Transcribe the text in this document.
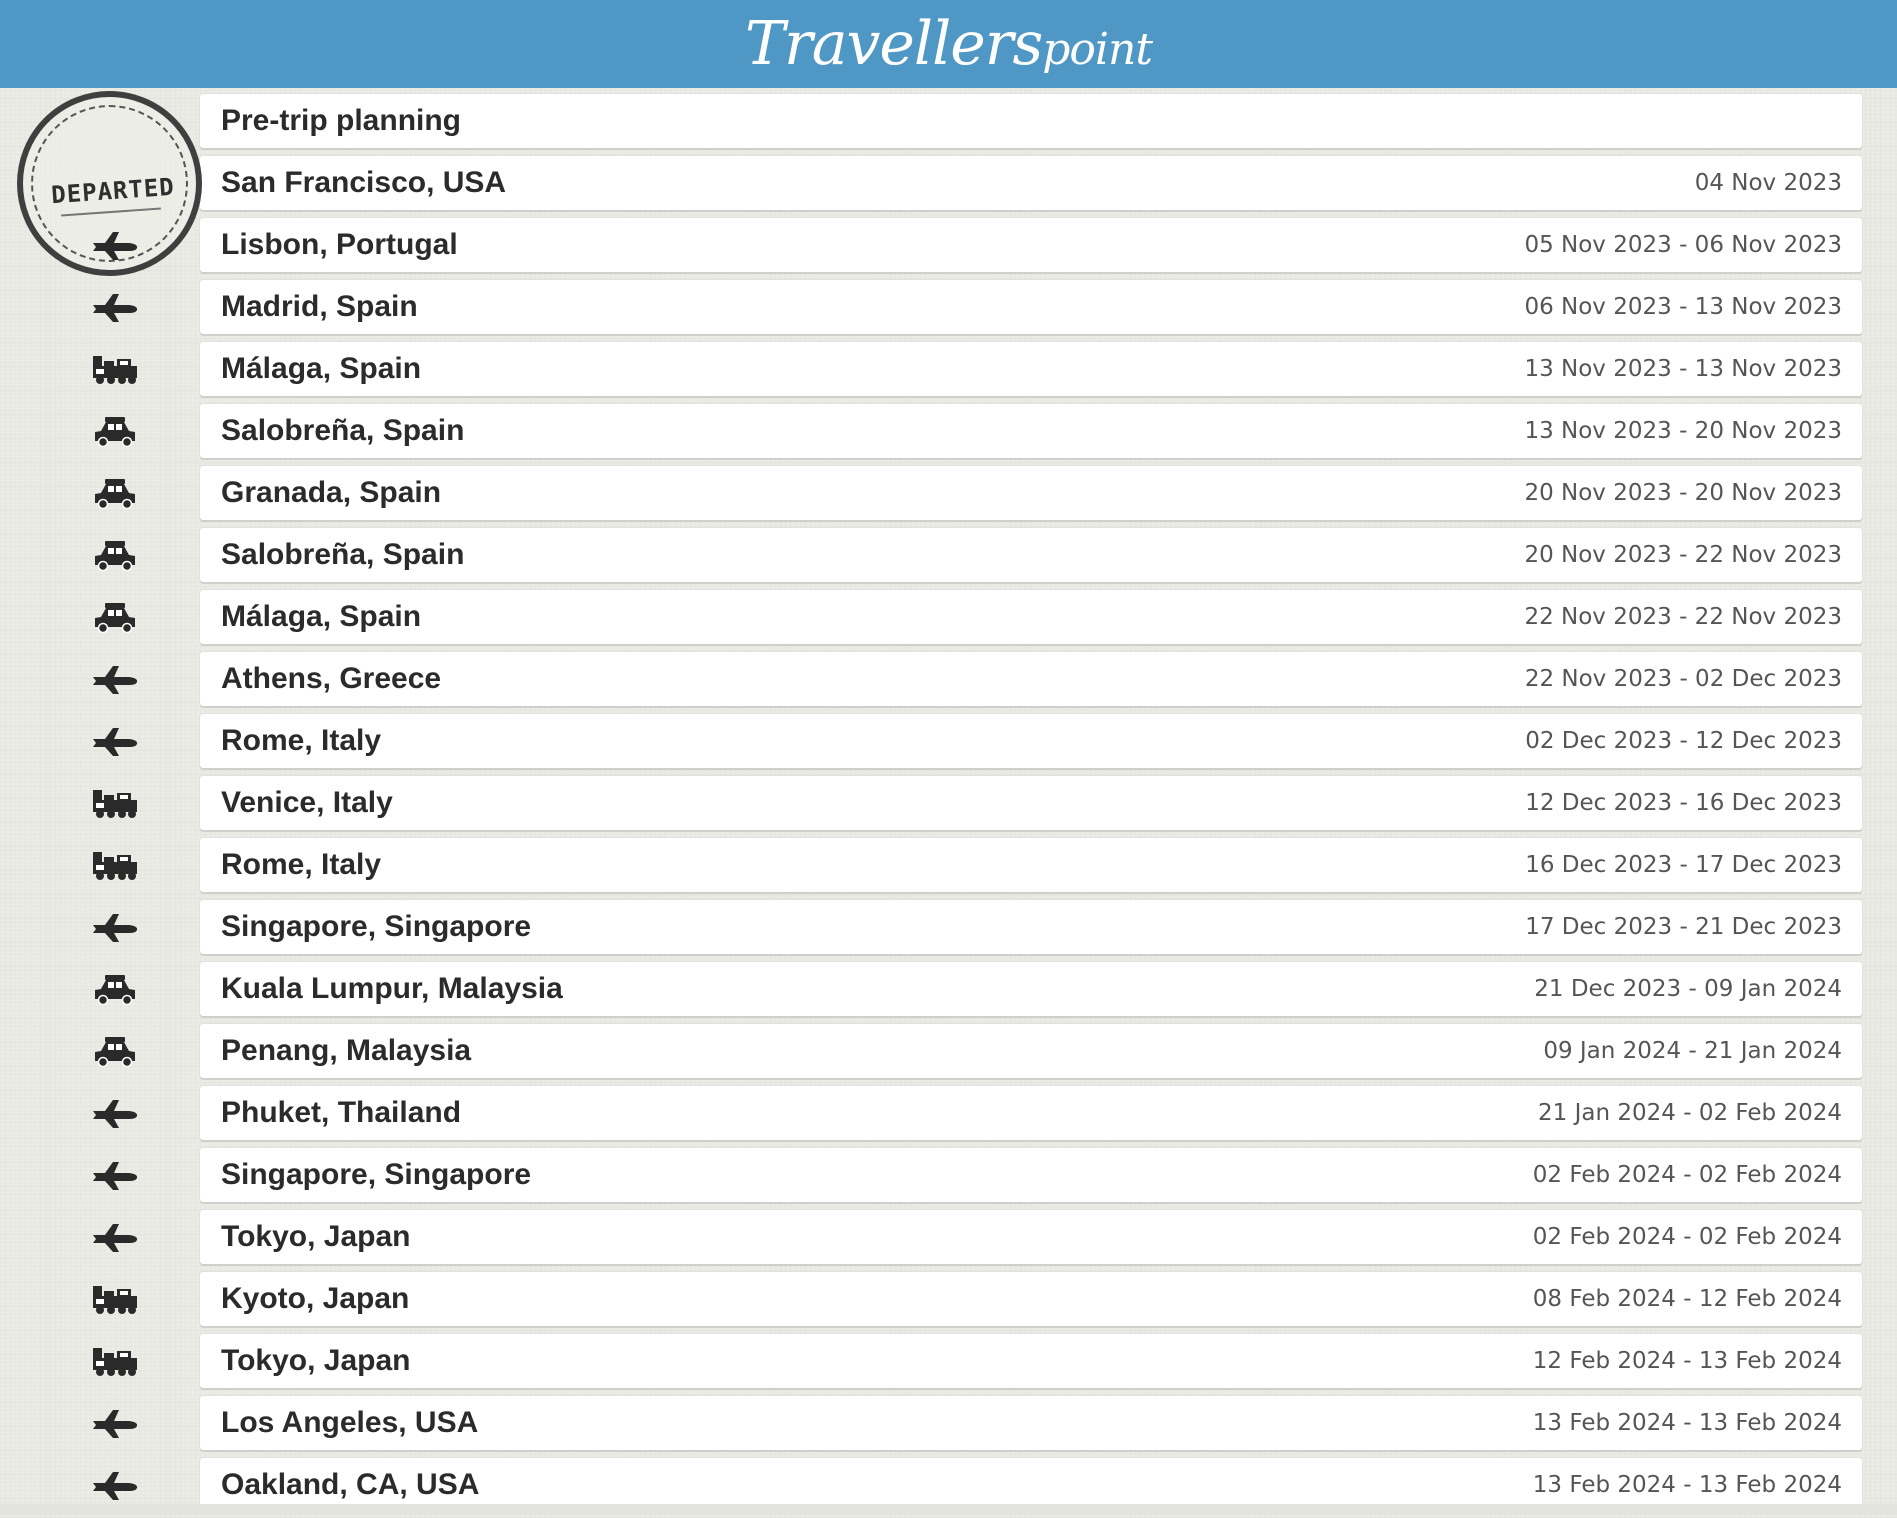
Travellerspoint
DEPARTED
Pre-trip planning
San Francisco, USA	04 Nov 2023
Lisbon, Portugal	05 Nov 2023 - 06 Nov 2023
Madrid, Spain	06 Nov 2023 - 13 Nov 2023
Málaga, Spain	13 Nov 2023 - 13 Nov 2023
Salobreña, Spain	13 Nov 2023 - 20 Nov 2023
Granada, Spain	20 Nov 2023 - 20 Nov 2023
Salobreña, Spain	20 Nov 2023 - 22 Nov 2023
Málaga, Spain	22 Nov 2023 - 22 Nov 2023
Athens, Greece	22 Nov 2023 - 02 Dec 2023
Rome, Italy	02 Dec 2023 - 12 Dec 2023
Venice, Italy	12 Dec 2023 - 16 Dec 2023
Rome, Italy	16 Dec 2023 - 17 Dec 2023
Singapore, Singapore	17 Dec 2023 - 21 Dec 2023
Kuala Lumpur, Malaysia	21 Dec 2023 - 09 Jan 2024
Penang, Malaysia	09 Jan 2024 - 21 Jan 2024
Phuket, Thailand	21 Jan 2024 - 02 Feb 2024
Singapore, Singapore	02 Feb 2024 - 02 Feb 2024
Tokyo, Japan	02 Feb 2024 - 02 Feb 2024
Kyoto, Japan	08 Feb 2024 - 12 Feb 2024
Tokyo, Japan	12 Feb 2024 - 13 Feb 2024
Los Angeles, USA	13 Feb 2024 - 13 Feb 2024
Oakland, CA, USA	13 Feb 2024 - 13 Feb 2024
